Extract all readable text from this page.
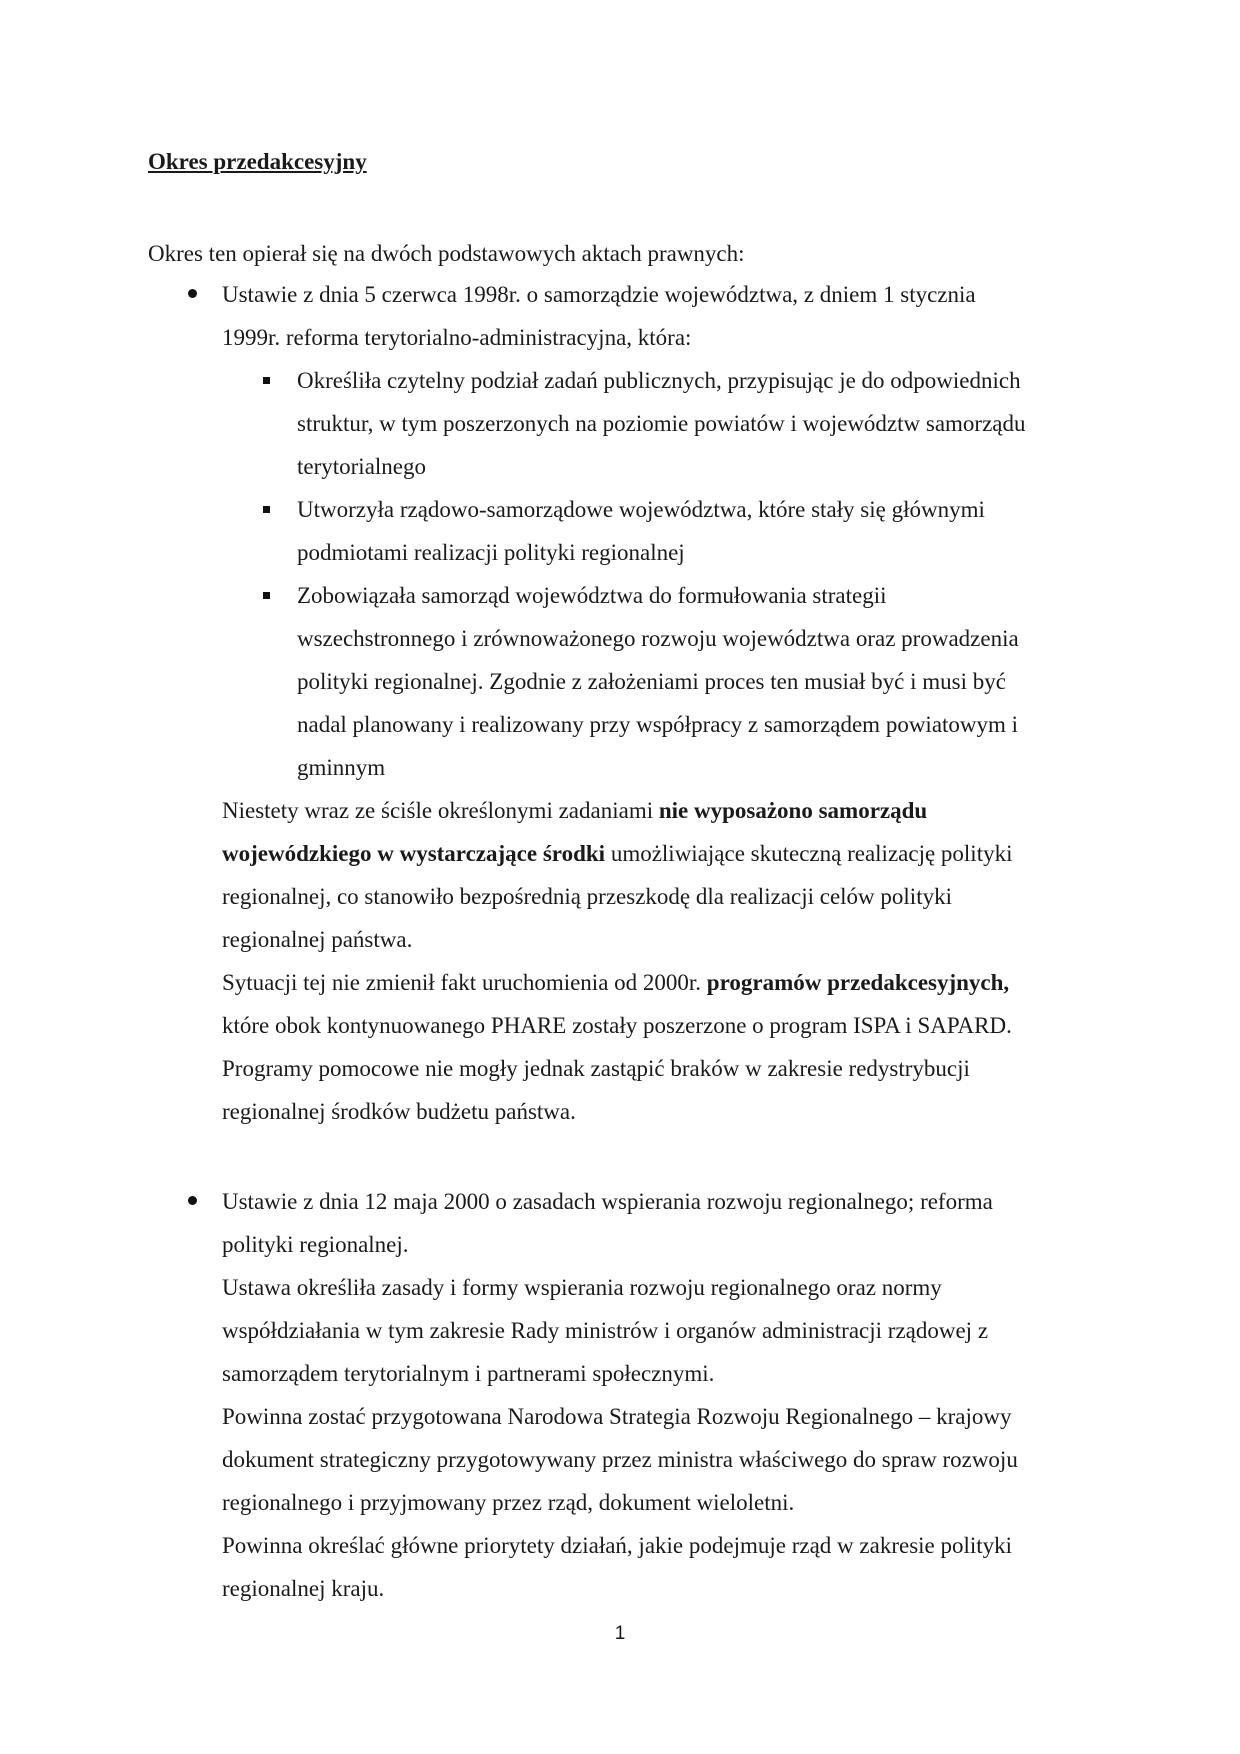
Okres przedakcesyjny

Okres ten opierał się na dwóch podstawowych aktach prawnych:

Ustawie z dnia 5 czerwca 1998r. o samorządzie województwa, z dniem 1 stycznia
1999r. reforma terytorialno-administracyjna, która:
Określiła czytelny podział zadań publicznych, przypisując je do odpowiednich
struktur, w tym poszerzonych na poziomie powiatów i województw samorządu
terytorialnego
Utworzyła rządowo-samorządowe województwa, które stały się głównymi
podmiotami realizacji polityki regionalnej
Zobowiązała samorząd województwa do formułowania strategii
wszechstronnego i zrównoważonego rozwoju województwa oraz prowadzenia
polityki regionalnej. Zgodnie z założeniami proces ten musiał być i musi być
nadal planowany i realizowany przy współpracy z samorządem powiatowym i
gminnym
Niestety wraz ze ściśle określonymi zadaniami nie wyposażono samorządu
wojewódzkiego w wystarczające środki umożliwiające skuteczną realizację polityki
regionalnej, co stanowiło bezpośrednią przeszkodę dla realizacji celów polityki
regionalnej państwa.
Sytuacji tej nie zmienił fakt uruchomienia od 2000r. programów przedakcesyjnych,
które obok kontynuowanego PHARE zostały poszerzone o program ISPA i SAPARD.
Programy pomocowe nie mogły jednak zastąpić braków w zakresie redystrybucji
regionalnej środków budżetu państwa.
Ustawie z dnia 12 maja 2000 o zasadach wspierania rozwoju regionalnego; reforma
polityki regionalnej.
Ustawa określiła zasady i formy wspierania rozwoju regionalnego oraz normy
współdziałania w tym zakresie Rady ministrów i organów administracji rządowej z
samorządem terytorialnym i partnerami społecznymi.
Powinna zostać przygotowana Narodowa Strategia Rozwoju Regionalnego – krajowy
dokument strategiczny przygotowywany przez ministra właściwego do spraw rozwoju
regionalnego i przyjmowany przez rząd, dokument wieloletni.
Powinna określać główne priorytety działań, jakie podejmuje rząd w zakresie polityki
regionalnej kraju.
1
